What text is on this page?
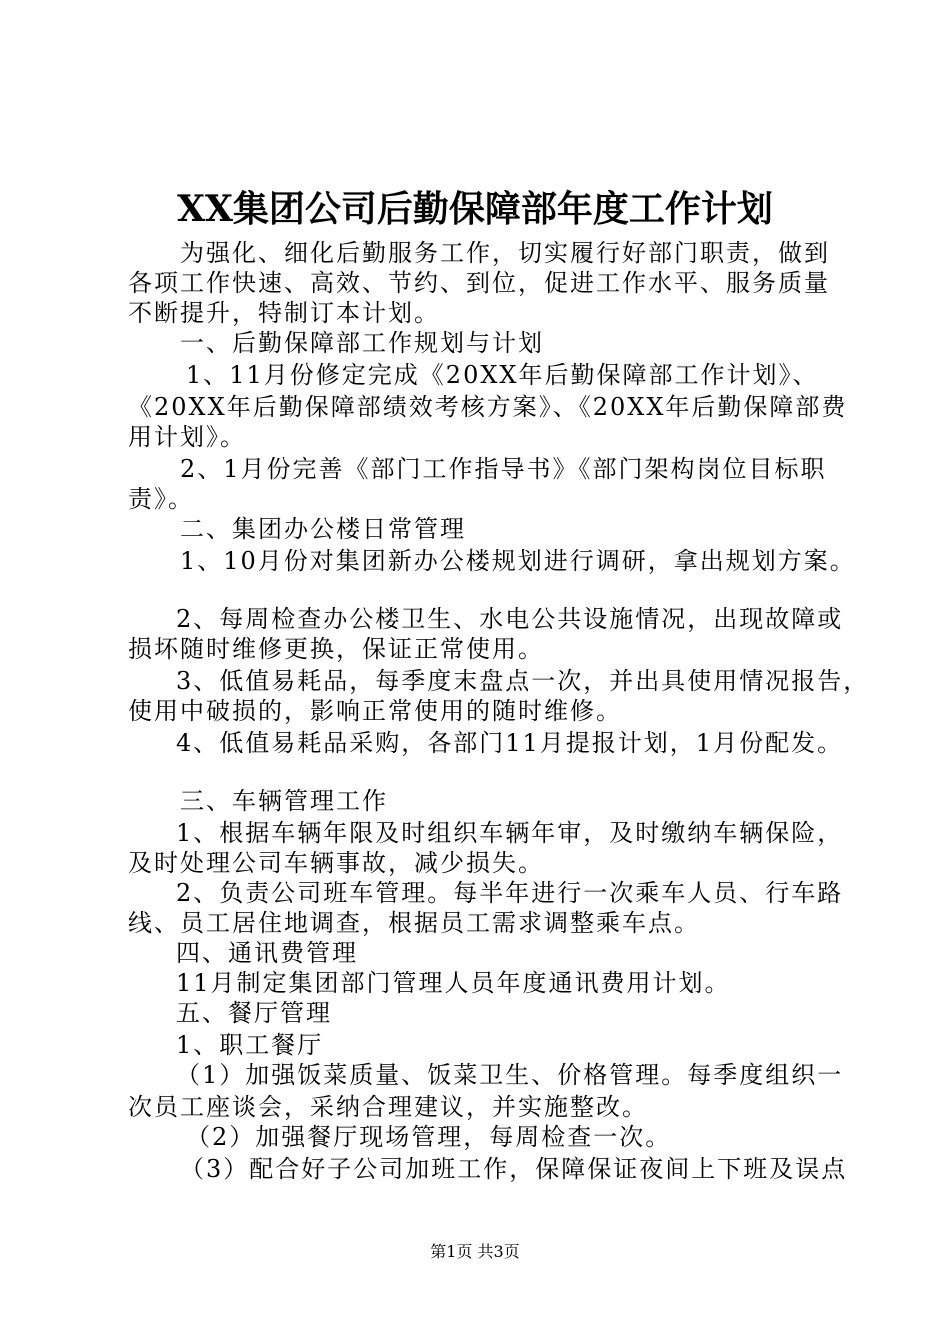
XX集团公司后勤保障部年度工作计划
为强化、细化后勤服务工作，切实履行好部门职责，做到
各项工作快速、高效、节约、到位，促进工作水平、服务质量
不断提升，特制订本计划。
一、后勤保障部工作规划与计划
1、11月份修定完成《20XX年后勤保障部工作计划》、
《20XX年后勤保障部绩效考核方案》、《20XX年后勤保障部费
用计划》。
2、1月份完善《部门工作指导书》《部门架构岗位目标职
责》。
二、集团办公楼日常管理
1、10月份对集团新办公楼规划进行调研，拿出规划方案。
2、每周检查办公楼卫生、水电公共设施情况，出现故障或
损坏随时维修更换，保证正常使用。
3、低值易耗品，每季度末盘点一次，并出具使用情况报告，
使用中破损的，影响正常使用的随时维修。
4、低值易耗品采购，各部门11月提报计划，1月份配发。
三、车辆管理工作
1、根据车辆年限及时组织车辆年审，及时缴纳车辆保险，
及时处理公司车辆事故，减少损失。
2、负责公司班车管理。每半年进行一次乘车人员、行车路
线、员工居住地调查，根据员工需求调整乘车点。
四、通讯费管理
11月制定集团部门管理人员年度通讯费用计划。
五、餐厅管理
1、职工餐厅
（1）加强饭菜质量、饭菜卫生、价格管理。每季度组织一
次员工座谈会，采纳合理建议，并实施整改。
（2）加强餐厅现场管理，每周检查一次。
（3）配合好子公司加班工作，保障保证夜间上下班及误点
第1页 共3页
